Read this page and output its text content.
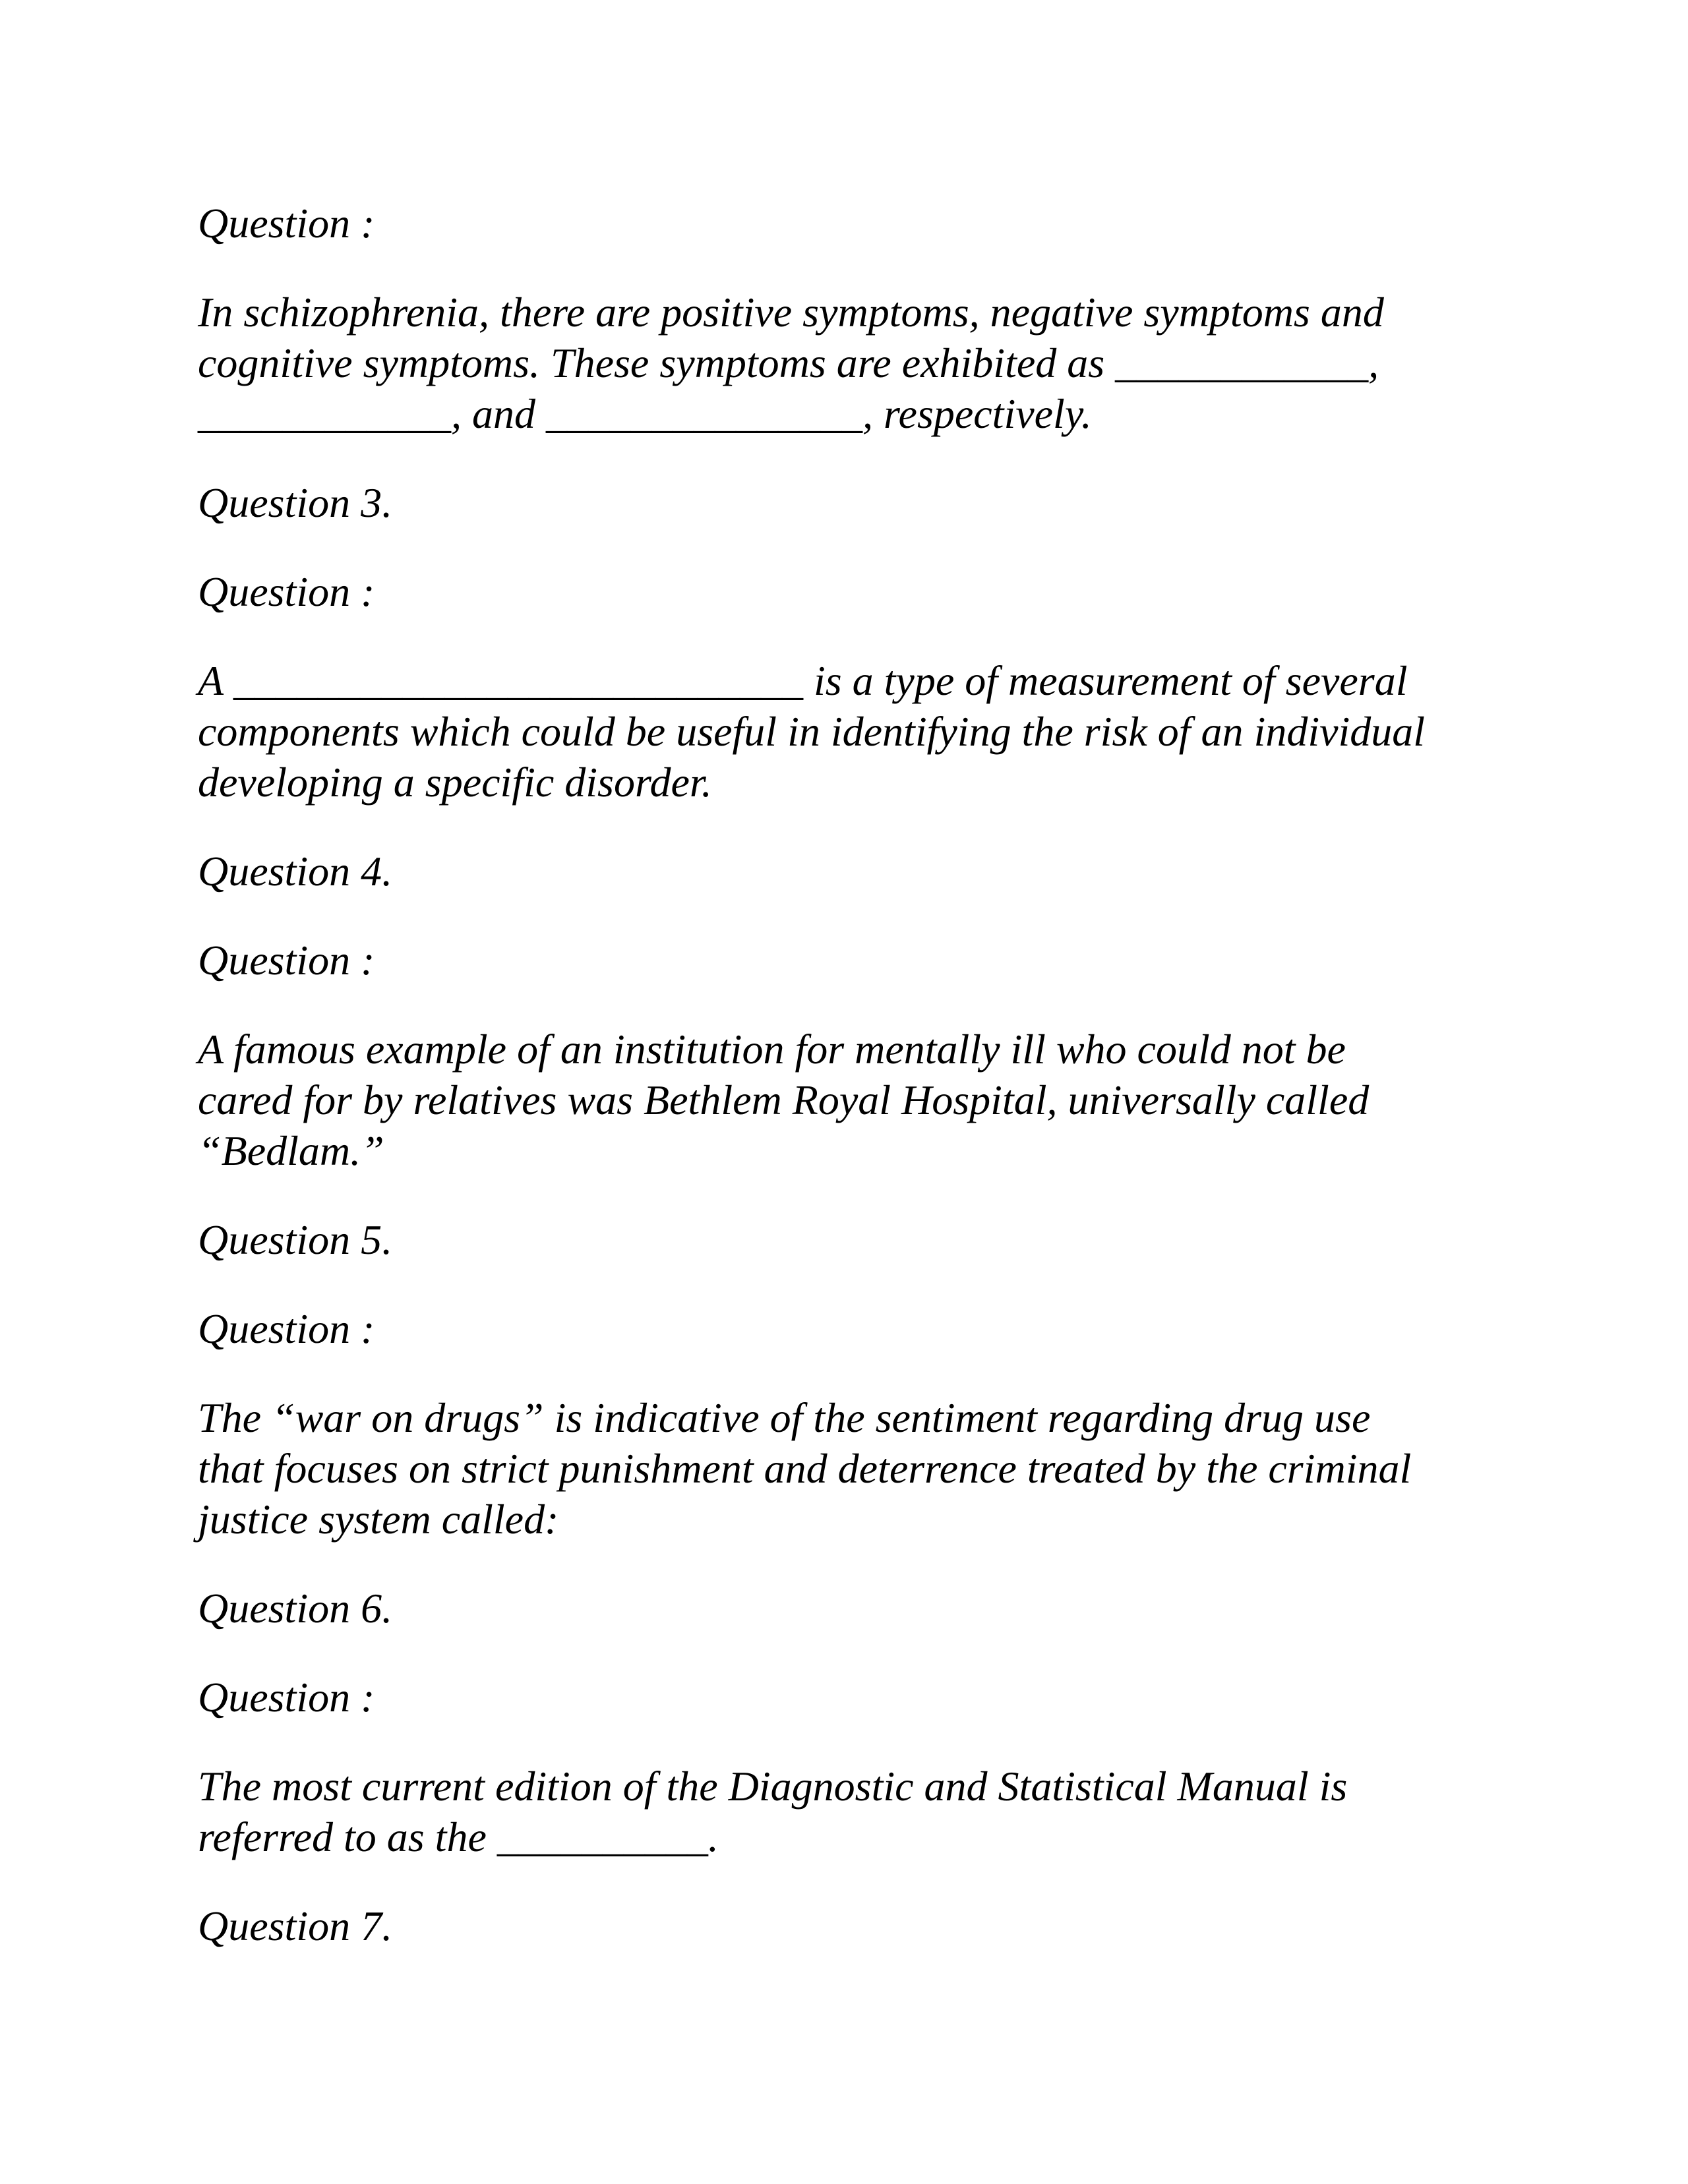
Question :

In schizophrenia, there are positive symptoms, negative symptoms and
cognitive symptoms. These symptoms are exhibited as ____________,
____________, and _______________, respectively.

Question 3.

Question :

A ___________________________ is a type of measurement of several
components which could be useful in identifying the risk of an individual
developing a specific disorder.

Question 4.

Question :

A famous example of an institution for mentally ill who could not be
cared for by relatives was Bethlem Royal Hospital, universally called
“Bedlam.”

Question 5.

Question :

The “war on drugs” is indicative of the sentiment regarding drug use
that focuses on strict punishment and deterrence treated by the criminal
justice system called:

Question 6.

Question :

The most current edition of the Diagnostic and Statistical Manual is
referred to as the __________.

Question 7.
